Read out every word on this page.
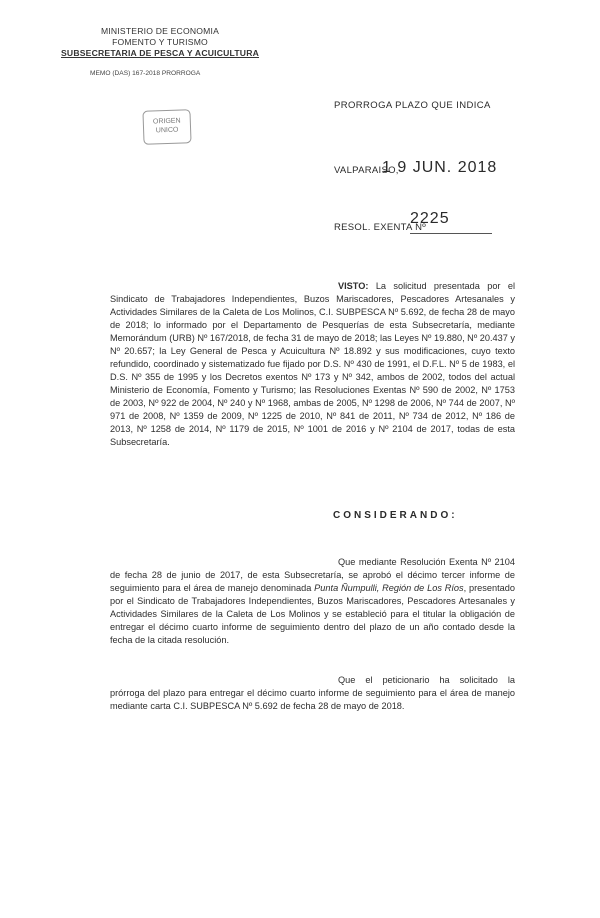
MINISTERIO DE ECONOMIA
FOMENTO Y TURISMO
SUBSECRETARIA DE PESCA Y ACUICULTURA
MEMO (DAS) 167-2018 PRORROGA
ORIGEN
UNICO
PRORROGA PLAZO QUE INDICA
VALPARAISO,
1 9 JUN. 2018
RESOL. EXENTA Nº
2225
VISTO: La solicitud presentada por el Sindicato de Trabajadores Independientes, Buzos Mariscadores, Pescadores Artesanales y Actividades Similares de la Caleta de Los Molinos, C.I. SUBPESCA Nº 5.692, de fecha 28 de mayo de 2018; lo informado por el Departamento de Pesquerías de esta Subsecretaría, mediante Memorándum (URB) Nº 167/2018, de fecha 31 de mayo de 2018; las Leyes Nº 19.880, Nº 20.437 y Nº 20.657; la Ley General de Pesca y Acuicultura Nº 18.892 y sus modificaciones, cuyo texto refundido, coordinado y sistematizado fue fijado por D.S. Nº 430 de 1991, el D.F.L. Nº 5 de 1983, el D.S. Nº 355 de 1995 y los Decretos exentos Nº 173 y Nº 342, ambos de 2002, todos del actual Ministerio de Economía, Fomento y Turismo; las Resoluciones Exentas Nº 590 de 2002, Nº 1753 de 2003, Nº 922 de 2004, Nº 240 y Nº 1968, ambas de 2005, Nº 1298 de 2006, Nº 744 de 2007, Nº 971 de 2008, Nº 1359 de 2009, Nº 1225 de 2010, Nº 841 de 2011, Nº 734 de 2012, Nº 186 de 2013, Nº 1258 de 2014, Nº 1179 de 2015, Nº 1001 de 2016 y Nº 2104 de 2017, todas de esta Subsecretaría.
CONSIDERANDO:
Que mediante Resolución Exenta Nº 2104 de fecha 28 de junio de 2017, de esta Subsecretaría, se aprobó el décimo tercer informe de seguimiento para el área de manejo denominada Punta Ñumpulli, Región de Los Ríos, presentado por el Sindicato de Trabajadores Independientes, Buzos Mariscadores, Pescadores Artesanales y Actividades Similares de la Caleta de Los Molinos y se estableció para el titular la obligación de entregar el décimo cuarto informe de seguimiento dentro del plazo de un año contado desde la fecha de la citada resolución.
Que el peticionario ha solicitado la prórroga del plazo para entregar el décimo cuarto informe de seguimiento para el área de manejo mediante carta C.I. SUBPESCA Nº 5.692 de fecha 28 de mayo de 2018.
